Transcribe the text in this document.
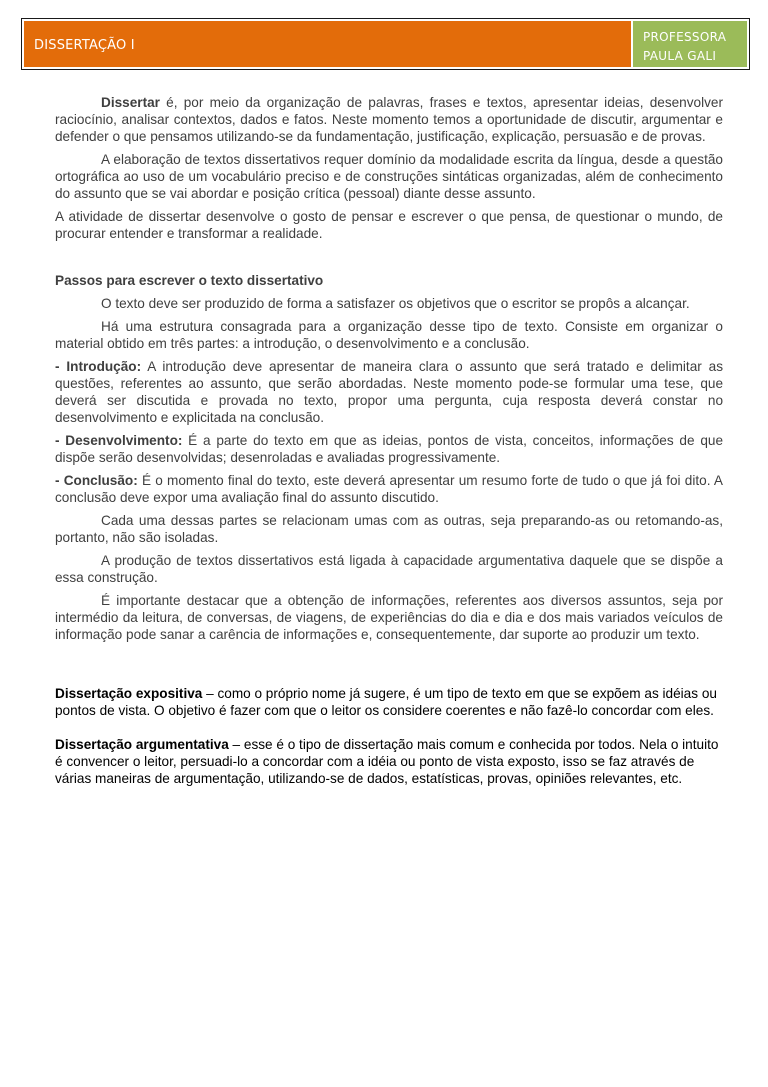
DISSERTAÇÃO I
PROFESSORA
PAULA GALI

Dissertar é, por meio da organização de palavras, frases e textos, apresentar ideias, desenvolver raciocínio, analisar contextos, dados e fatos. Neste momento temos a oportunidade de discutir, argumentar e defender o que pensamos utilizando-se da fundamentação, justificação, explicação, persuasão e de provas.

A elaboração de textos dissertativos requer domínio da modalidade escrita da língua, desde a questão ortográfica ao uso de um vocabulário preciso e de construções sintáticas organizadas, além de conhecimento do assunto que se vai abordar e posição crítica (pessoal) diante desse assunto.

A atividade de dissertar desenvolve o gosto de pensar e escrever o que pensa, de questionar o mundo, de procurar entender e transformar a realidade.

Passos para escrever o texto dissertativo

O texto deve ser produzido de forma a satisfazer os objetivos que o escritor se propôs a alcançar.

Há uma estrutura consagrada para a organização desse tipo de texto. Consiste em organizar o material obtido em três partes: a introdução, o desenvolvimento e a conclusão.

- Introdução: A introdução deve apresentar de maneira clara o assunto que será tratado e delimitar as questões, referentes ao assunto, que serão abordadas. Neste momento pode-se formular uma tese, que deverá ser discutida e provada no texto, propor uma pergunta, cuja resposta deverá constar no desenvolvimento e explicitada na conclusão.

- Desenvolvimento: É a parte do texto em que as ideias, pontos de vista, conceitos, informações de que dispõe serão desenvolvidas; desenroladas e avaliadas progressivamente.

- Conclusão: É o momento final do texto, este deverá apresentar um resumo forte de tudo o que já foi dito. A conclusão deve expor uma avaliação final do assunto discutido.

Cada uma dessas partes se relacionam umas com as outras, seja preparando-as ou retomando-as, portanto, não são isoladas.

A produção de textos dissertativos está ligada à capacidade argumentativa daquele que se dispõe a essa construção.

É importante destacar que a obtenção de informações, referentes aos diversos assuntos, seja por intermédio da leitura, de conversas, de viagens, de experiências do dia e dia e dos mais variados veículos de informação pode sanar a carência de informações e, consequentemente, dar suporte ao produzir um texto.

Dissertação expositiva – como o próprio nome já sugere, é um tipo de texto em que se expõem as idéias ou pontos de vista. O objetivo é fazer com que o leitor os considere coerentes e não fazê-lo concordar com eles.

Dissertação argumentativa – esse é o tipo de dissertação mais comum e conhecida por todos. Nela o intuito é convencer o leitor, persuadi-lo a concordar com a idéia ou ponto de vista exposto, isso se faz através de várias maneiras de argumentação, utilizando-se de dados, estatísticas, provas, opiniões relevantes, etc.
